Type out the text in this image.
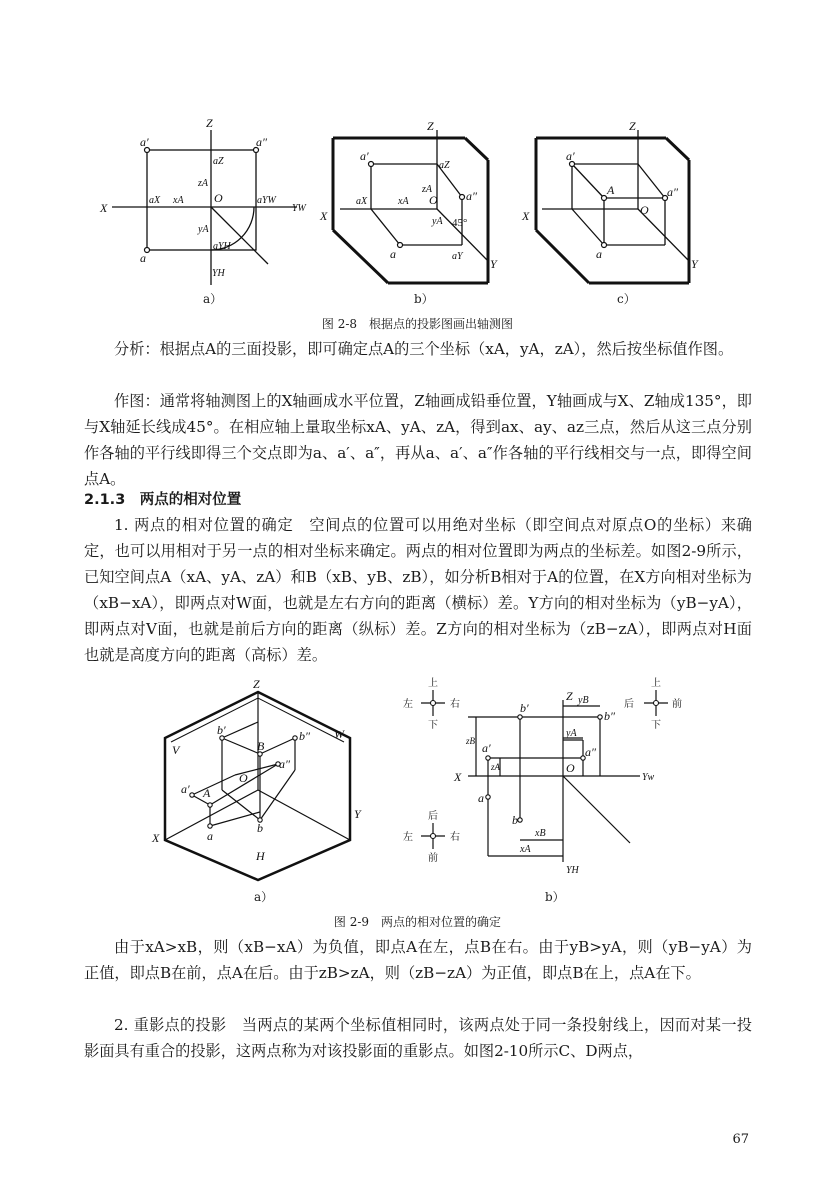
Z
X	YW
YH
O
a′	a″
a
aZ
aX	aYW
aYH
xA
zA
yA
Z
X
Y
O
a′
a″
a
aZ
aX
aY
xA
zA
yA 45°
Z
X
Y
O
a′
a″
a
A
a）	b）	c）
图 2-8　根据点的投影图画出轴测图

分析：根据点A的三面投影，即可确定点A的三个坐标（xA，yA，zA），然后按坐标值作图。

作图：通常将轴测图上的X轴画成水平位置，Z轴画成铅垂位置，Y轴画成与X、Z轴成135°，即与X轴延长线成45°。在相应轴上量取坐标xA、yA、zA，得到ax、ay、az三点，然后从这三点分别作各轴的平行线即得三个交点即为a、a′、a″，再从a、a′、a″作各轴的平行线相交与一点，即得空间点A。

2.1.3　两点的相对位置

1. 两点的相对位置的确定　空间点的位置可以用绝对坐标（即空间点对原点O的坐标）来确定，也可以用相对于另一点的相对坐标来确定。两点的相对位置即为两点的坐标差。如图2-9所示，已知空间点A（xA、yA、zA）和B（xB、yB、zB），如分析B相对于A的位置，在X方向相对坐标为（xB−xA），即两点对W面，也就是左右方向的距离（横标）差。Y方向的相对坐标为（yB−yA），即两点对V面，也就是前后方向的距离（纵标）差。Z方向的相对坐标为（zB−zA），即两点对H面也就是高度方向的距离（高标）差。

Z
X
Y
V
W
H
O
A
B
b′	b″
a′
a″
a
b
上
下
左	右	后	前
上
下
后
前
左	右
Z
X	Yw
YH
O
b′
b″
a′	a″
a
b
yB
yA
zB
zA
xB
xA
a）	b）
图 2-9　两点的相对位置的确定

由于xA>xB，则（xB−xA）为负值，即点A在左，点B在右。由于yB>yA，则（yB−yA）为正值，即点B在前，点A在后。由于zB>zA，则（zB−zA）为正值，即点B在上，点A在下。

2. 重影点的投影　当两点的某两个坐标值相同时，该两点处于同一条投射线上，因而对某一投影面具有重合的投影，这两点称为对该投影面的重影点。如图2-10所示C、D两点，

67
